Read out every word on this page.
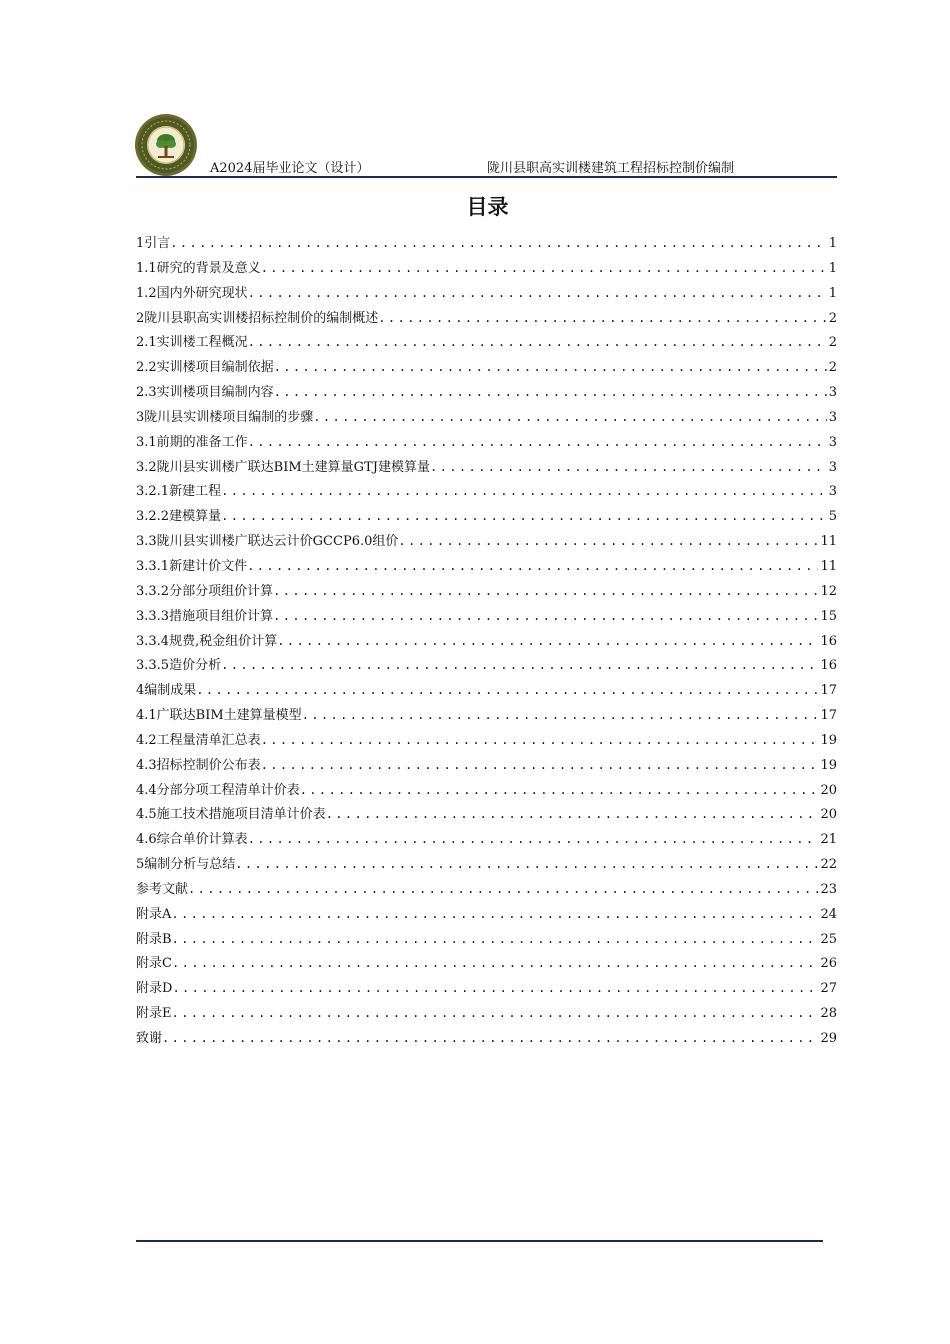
A2024届毕业论文（设计）	陇川县职高实训楼建筑工程招标控制价编制
目录
1引言 .....	1
1.1研究的背景及意义 .....	1
1.2国内外研究现状 .....	1
2陇川县职高实训楼招标控制价的编制概述 .....	2
2.1实训楼工程概况 .....	2
2.2实训楼项目编制依据 .....	2
2.3实训楼项目编制内容 .....	3
3陇川县实训楼项目编制的步骤 .....	3
3.1前期的准备工作 .....	3
3.2陇川县实训楼广联达BIM土建算量GTJ建模算量 .....	3
3.2.1新建工程 .....	3
3.2.2建模算量 .....	5
3.3陇川县实训楼广联达云计价GCCP6.0组价 .....	11
3.3.1新建计价文件 .....	11
3.3.2分部分项组价计算 .....	12
3.3.3措施项目组价计算 .....	15
3.3.4规费,税金组价计算 .....	16
3.3.5造价分析 .....	16
4编制成果 .....	17
4.1广联达BIM土建算量模型 .....	17
4.2工程量清单汇总表 .....	19
4.3招标控制价公布表 .....	19
4.4分部分项工程清单计价表 .....	20
4.5施工技术措施项目清单计价表 .....	20
4.6综合单价计算表 .....	21
5编制分析与总结 .....	22
参考文献 .....	23
附录A .....	24
附录B .....	25
附录C .....	26
附录D .....	27
附录E .....	28
致谢 .....	29
